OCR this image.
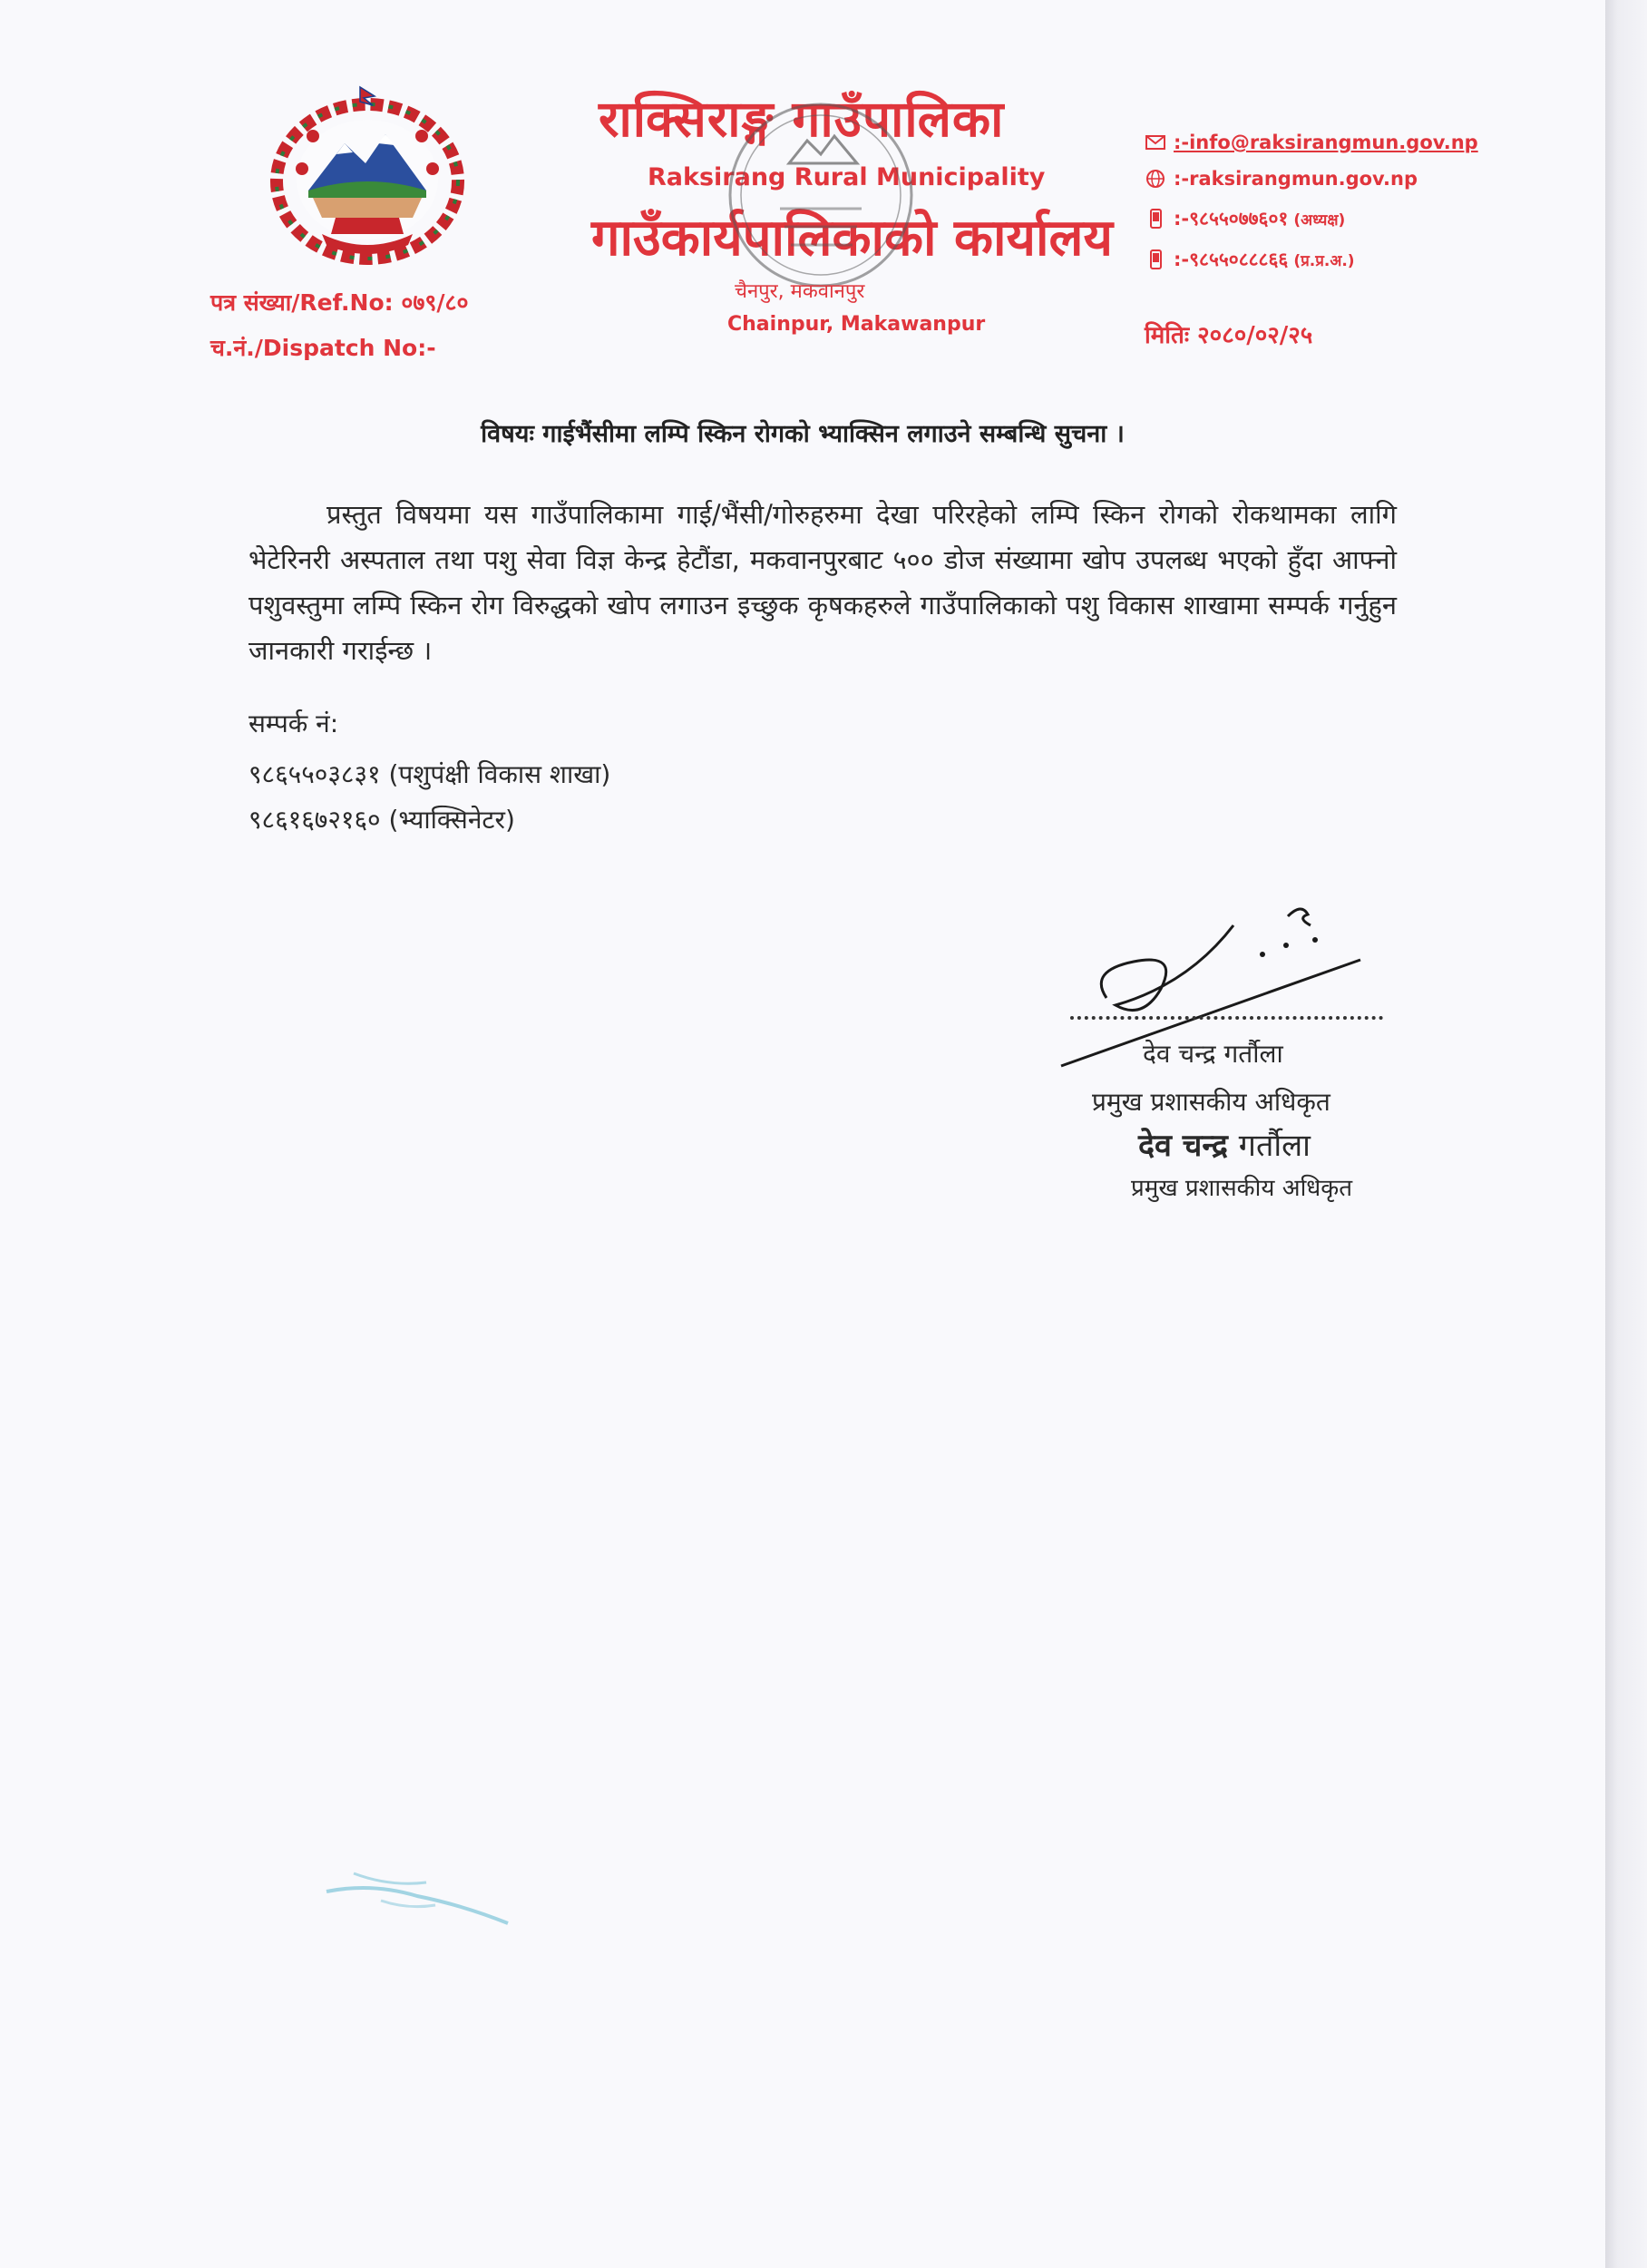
राक्सिराङ्ग गाउँपालिका
Raksirang Rural Municipality
गाउँकार्यपालिकाको कार्यालय
चैनपुर, मकवानपुर
Chainpur, Makawanpur
:-info@raksirangmun.gov.np
:-raksirangmun.gov.np
:-९८५५०७७६०१ (अध्यक्ष)
:-९८५५०८८८६६ (प्र.प्र.अ.)
पत्र संख्या/Ref.No: ०७९/८०
च.नं./Dispatch No:-	मितिः २०८०/०२/२५
विषयः गाईभैंसीमा लम्पि स्किन रोगको भ्याक्सिन लगाउने सम्बन्धि सुचना ।
प्रस्तुत विषयमा यस गाउँपालिकामा गाई/भैंसी/गोरुहरुमा देखा परिरहेको लम्पि स्किन रोगको रोकथामका लागि भेटेरिनरी अस्पताल तथा पशु सेवा विज्ञ केन्द्र हेटौंडा, मकवानपुरबाट ५०० डोज संख्यामा खोप उपलब्ध भएको हुँदा आफ्नो पशुवस्तुमा लम्पि स्किन रोग विरुद्धको खोप लगाउन इच्छुक कृषकहरुले गाउँपालिकाको पशु विकास शाखामा सम्पर्क गर्नुहुन जानकारी गराईन्छ ।
सम्पर्क नं:
९८६५५०३८३१ (पशुपंक्षी विकास शाखा)
९८६१६७२१६० (भ्याक्सिनेटर)
देव चन्द्र गर्तौला
प्रमुख प्रशासकीय अधिकृत
देव चन्द्र गर्तौला
प्रमुख प्रशासकीय अधिकृत
